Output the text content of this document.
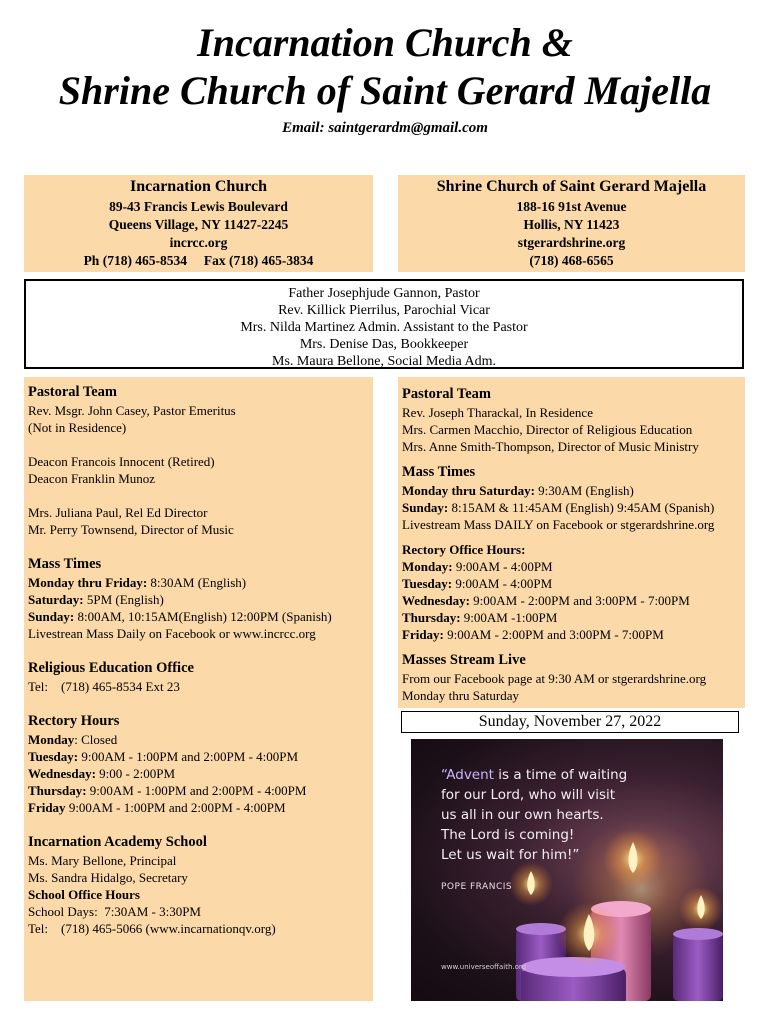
Incarnation Church &
Shrine Church of Saint Gerard Majella
Email: saintgerardm@gmail.com
Incarnation Church
89-43 Francis Lewis Boulevard
Queens Village, NY 11427-2245
incrcc.org
Ph (718) 465-8534     Fax (718) 465-3834
Shrine Church of Saint Gerard Majella
188-16 91st Avenue
Hollis, NY 11423
stgerardshrine.org
(718) 468-6565
Father Josephjude Gannon, Pastor
Rev. Killick Pierrilus, Parochial Vicar
Mrs. Nilda Martinez Admin. Assistant to the Pastor
Mrs. Denise Das, Bookkeeper
Ms. Maura Bellone, Social Media Adm.
Pastoral Team
Rev. Msgr. John Casey, Pastor Emeritus
(Not in Residence)
Deacon Francois Innocent (Retired)
Deacon Franklin Munoz
Mrs. Juliana Paul, Rel Ed Director
Mr. Perry Townsend, Director of Music
Mass Times
Monday thru Friday: 8:30AM (English)
Saturday: 5PM (English)
Sunday: 8:00AM, 10:15AM(English) 12:00PM (Spanish)
Livestrean Mass Daily on Facebook or www.incrcc.org
Religious Education Office
Tel:    (718) 465-8534 Ext 23
Rectory Hours
Monday: Closed
Tuesday: 9:00AM - 1:00PM and 2:00PM - 4:00PM
Wednesday: 9:00 - 2:00PM
Thursday: 9:00AM - 1:00PM and 2:00PM - 4:00PM
Friday 9:00AM - 1:00PM and 2:00PM - 4:00PM
Incarnation Academy School
Ms. Mary Bellone, Principal
Ms. Sandra Hidalgo, Secretary
School Office Hours
School Days:  7:30AM - 3:30PM
Tel:    (718) 465-5066 (www.incarnationqv.org)
Pastoral Team
Rev. Joseph Tharackal, In Residence
Mrs. Carmen Macchio, Director of Religious Education
Mrs. Anne Smith-Thompson, Director of Music Ministry
Mass Times
Monday thru Saturday: 9:30AM (English)
Sunday: 8:15AM & 11:45AM (English) 9:45AM (Spanish)
Livestream Mass DAILY on Facebook or stgerardshrine.org
Rectory Office Hours:
Monday: 9:00AM - 4:00PM
Tuesday: 9:00AM - 4:00PM
Wednesday: 9:00AM - 2:00PM and 3:00PM - 7:00PM
Thursday: 9:00AM -1:00PM
Friday: 9:00AM - 2:00PM and 3:00PM - 7:00PM
Masses Stream Live
From our Facebook page at 9:30 AM or stgerardshrine.org
Monday thru Saturday
Sunday, November 27, 2022
“Advent is a time of waiting
for our Lord, who will visit
us all in our own hearts.
The Lord is coming!
Let us wait for him!”
POPE FRANCIS
www.universeoffaith.org
